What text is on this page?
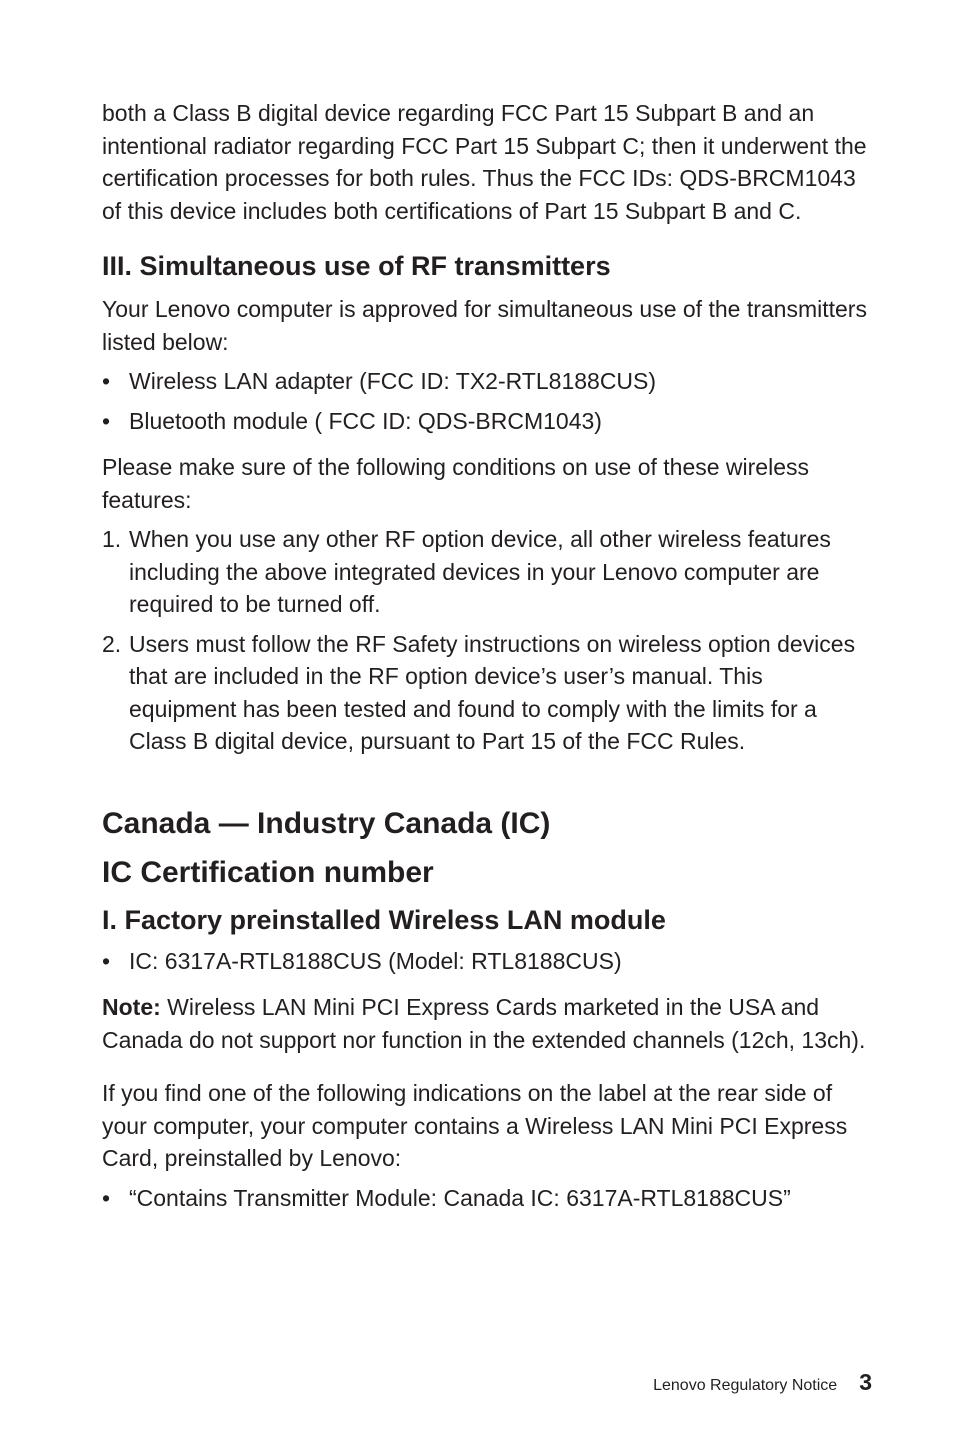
both a Class B digital device regarding FCC Part 15 Subpart B and an intentional radiator regarding FCC Part 15 Subpart C; then it underwent the certification processes for both rules. Thus the FCC IDs: QDS-BRCM1043 of this device includes both certifications of Part 15 Subpart B and C.

III. Simultaneous use of RF transmitters

Your Lenovo computer is approved for simultaneous use of the transmitters listed below:

• Wireless LAN adapter (FCC ID: TX2-RTL8188CUS)
• Bluetooth module ( FCC ID: QDS-BRCM1043)

Please make sure of the following conditions on use of these wireless features:

1. When you use any other RF option device, all other wireless features including the above integrated devices in your Lenovo computer are required to be turned off.
2. Users must follow the RF Safety instructions on wireless option devices that are included in the RF option device’s user’s manual. This equipment has been tested and found to comply with the limits for a Class B digital device, pursuant to Part 15 of the FCC Rules.
Canada — Industry Canada (IC)
IC Certification number
I. Factory preinstalled Wireless LAN module
• IC: 6317A-RTL8188CUS (Model: RTL8188CUS)

Note: Wireless LAN Mini PCI Express Cards marketed in the USA and Canada do not support nor function in the extended channels (12ch, 13ch).

If you find one of the following indications on the label at the rear side of your computer, your computer contains a Wireless LAN Mini PCI Express Card, preinstalled by Lenovo:

• “Contains Transmitter Module: Canada IC: 6317A-RTL8188CUS”
Lenovo Regulatory Notice 3
